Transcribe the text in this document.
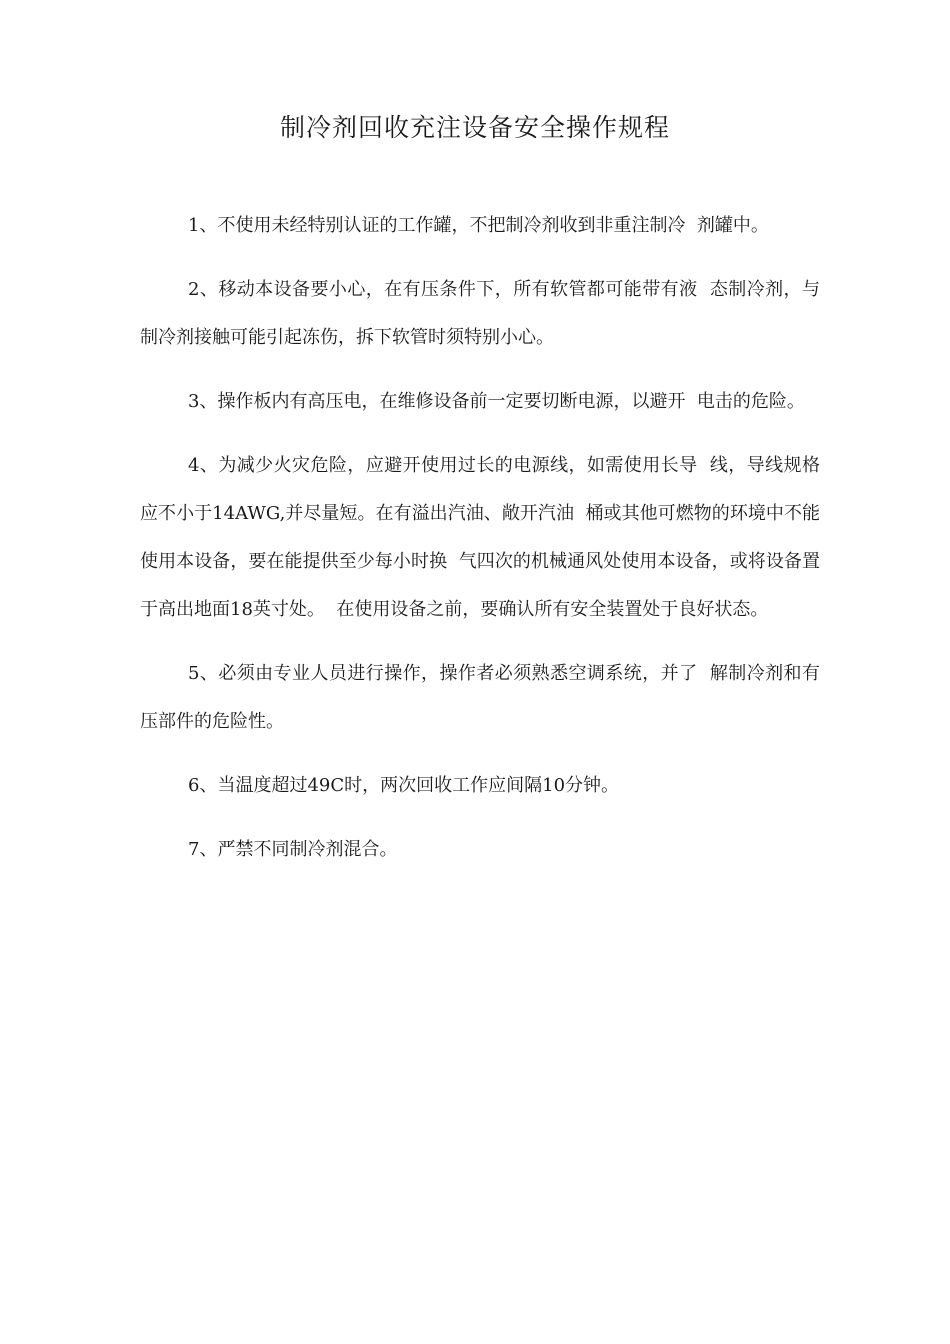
制冷剂回收充注设备安全操作规程

1、不使用未经特别认证的工作罐，不把制冷剂收到非重注制冷  剂罐中。

2、移动本设备要小心，在有压条件下，所有软管都可能带有液  态制冷剂，与制冷剂接触可能引起冻伤，拆下软管时须特别小心。

3、操作板内有高压电，在维修设备前一定要切断电源，以避开  电击的危险。

4、为减少火灾危险，应避开使用过长的电源线，如需使用长导  线，导线规格应不小于14AWG,并尽量短。在有溢出汽油、敞开汽油  桶或其他可燃物的环境中不能使用本设备，要在能提供至少每小时换  气四次的机械通风处使用本设备，或将设备置于高出地面18英寸处。  在使用设备之前，要确认所有安全装置处于良好状态。

5、必须由专业人员进行操作，操作者必须熟悉空调系统，并了  解制冷剂和有压部件的危险性。

6、当温度超过49C时，两次回收工作应间隔10分钟。

7、严禁不同制冷剂混合。
